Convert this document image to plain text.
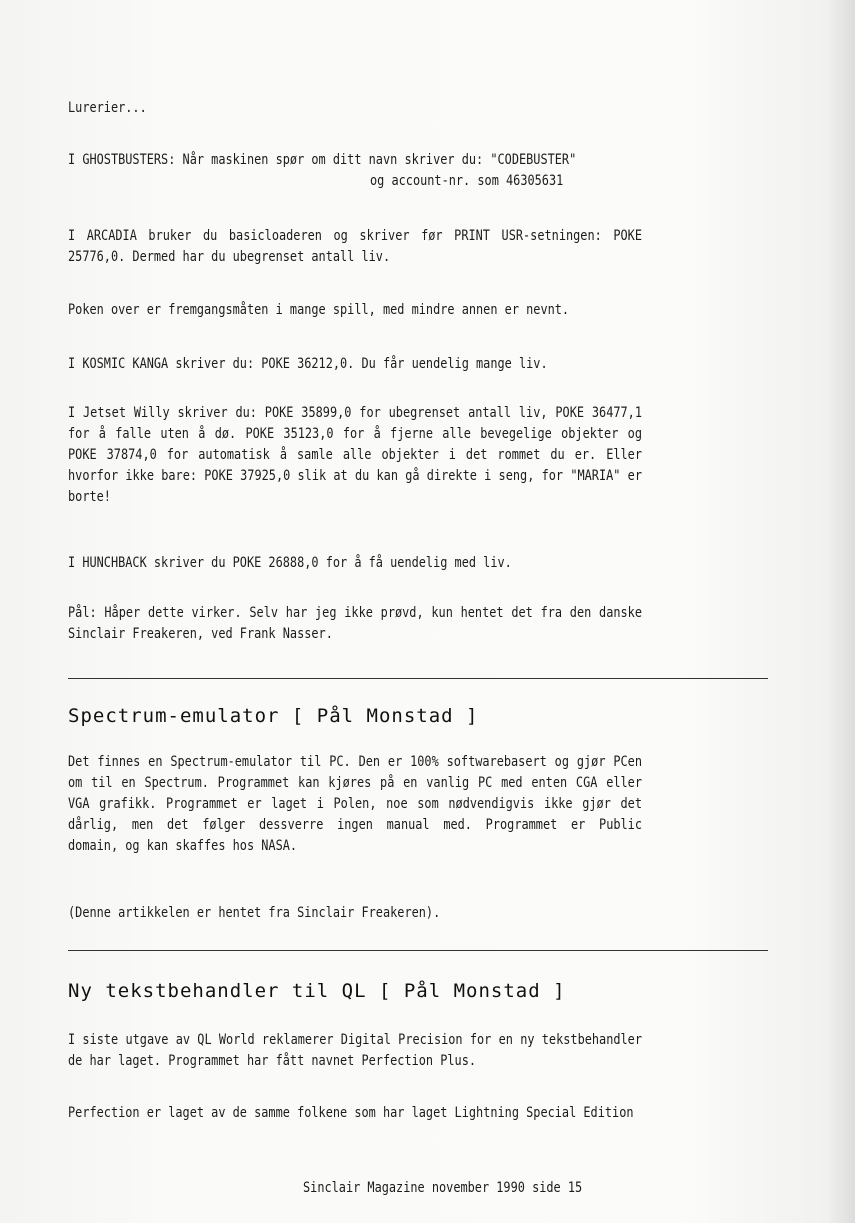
Lurerier...
I GHOSTBUSTERS: Når maskinen spør om ditt navn skriver du: "CODEBUSTER"
og account-nr. som 46305631
I ARCADIA bruker du basicloaderen og skriver før PRINT USR-setningen: POKE
25776,0. Dermed har du ubegrenset antall liv.
Poken over er fremgangsmåten i mange spill, med mindre annen er nevnt.
I KOSMIC KANGA skriver du: POKE 36212,0. Du får uendelig mange liv.
I Jetset Willy skriver du: POKE 35899,0 for ubegrenset antall liv, POKE 36477,1
for å falle uten å dø. POKE 35123,0 for å fjerne alle bevegelige objekter og
POKE 37874,0 for automatisk å samle alle objekter i det rommet du er. Eller
hvorfor ikke bare: POKE 37925,0 slik at du kan gå direkte i seng, for "MARIA" er
borte!
I HUNCHBACK skriver du POKE 26888,0 for å få uendelig med liv.
Pål: Håper dette virker. Selv har jeg ikke prøvd, kun hentet det fra den danske
Sinclair Freakeren, ved Frank Nasser.
Spectrum-emulator [ Pål Monstad ]
Det finnes en Spectrum-emulator til PC. Den er 100% softwarebasert og gjør PCen
om til en Spectrum. Programmet kan kjøres på en vanlig PC med enten CGA eller
VGA grafikk. Programmet er laget i Polen, noe som nødvendigvis ikke gjør det
dårlig, men det følger dessverre ingen manual med. Programmet er Public
domain, og kan skaffes hos NASA.
(Denne artikkelen er hentet fra Sinclair Freakeren).
Ny tekstbehandler til QL [ Pål Monstad ]
I siste utgave av QL World reklamerer Digital Precision for en ny tekstbehandler
de har laget. Programmet har fått navnet Perfection Plus.
Perfection er laget av de samme folkene som har laget Lightning Special Edition
Sinclair Magazine november 1990 side 15
